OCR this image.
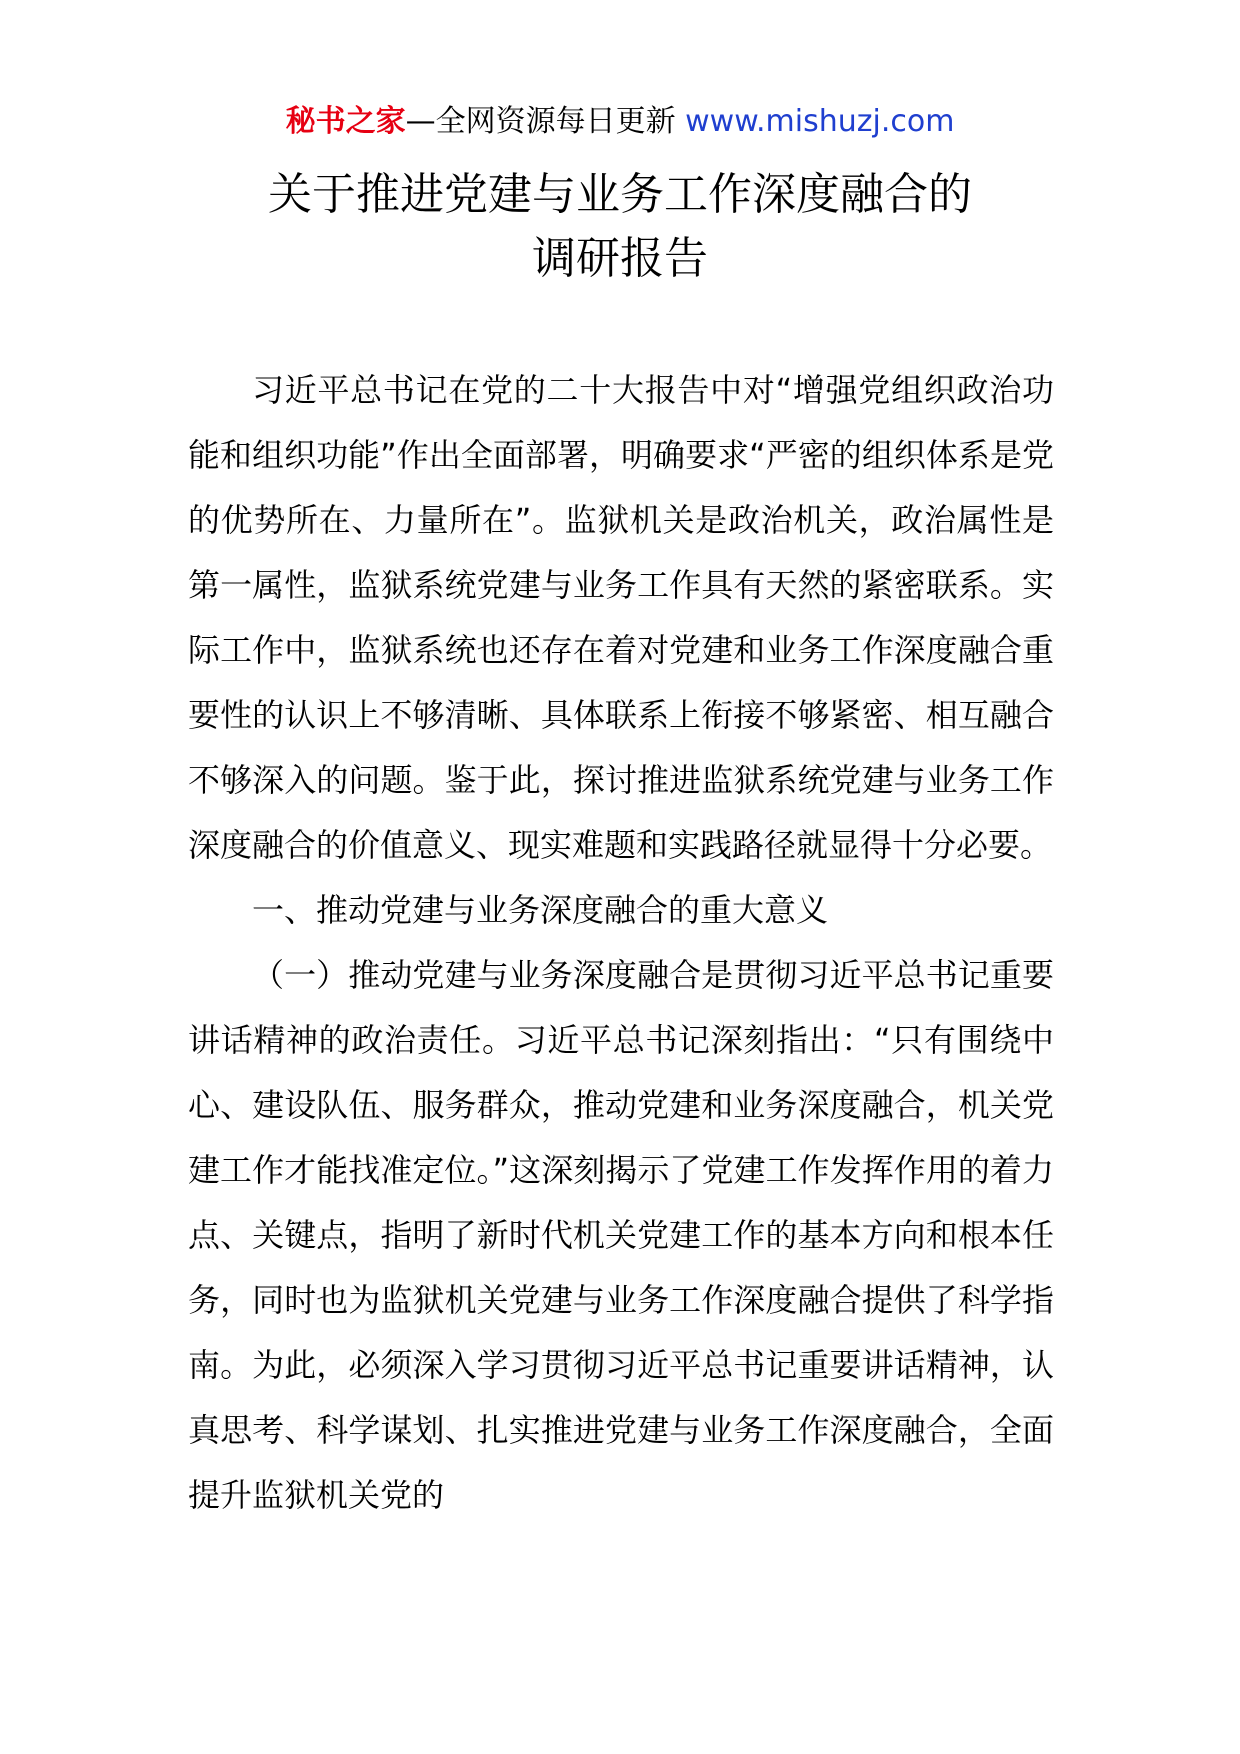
秘书之家—全网资源每日更新 www.mishuzj.com
关于推进党建与业务工作深度融合的
调研报告

习近平总书记在党的二十大报告中对“增强党组织政治功能和组织功能”作出全面部署，明确要求“严密的组织体系是党的优势所在、力量所在”。监狱机关是政治机关，政治属性是第一属性，监狱系统党建与业务工作具有天然的紧密联系。实际工作中，监狱系统也还存在着对党建和业务工作深度融合重要性的认识上不够清晰、具体联系上衔接不够紧密、相互融合不够深入的问题。鉴于此，探讨推进监狱系统党建与业务工作深度融合的价值意义、现实难题和实践路径就显得十分必要。

一、推动党建与业务深度融合的重大意义

（一）推动党建与业务深度融合是贯彻习近平总书记重要讲话精神的政治责任。习近平总书记深刻指出：“只有围绕中心、建设队伍、服务群众，推动党建和业务深度融合，机关党建工作才能找准定位。”这深刻揭示了党建工作发挥作用的着力点、关键点，指明了新时代机关党建工作的基本方向和根本任务，同时也为监狱机关党建与业务工作深度融合提供了科学指南。为此，必须深入学习贯彻习近平总书记重要讲话精神，认真思考、科学谋划、扎实推进党建与业务工作深度融合，全面提升监狱机关党的
